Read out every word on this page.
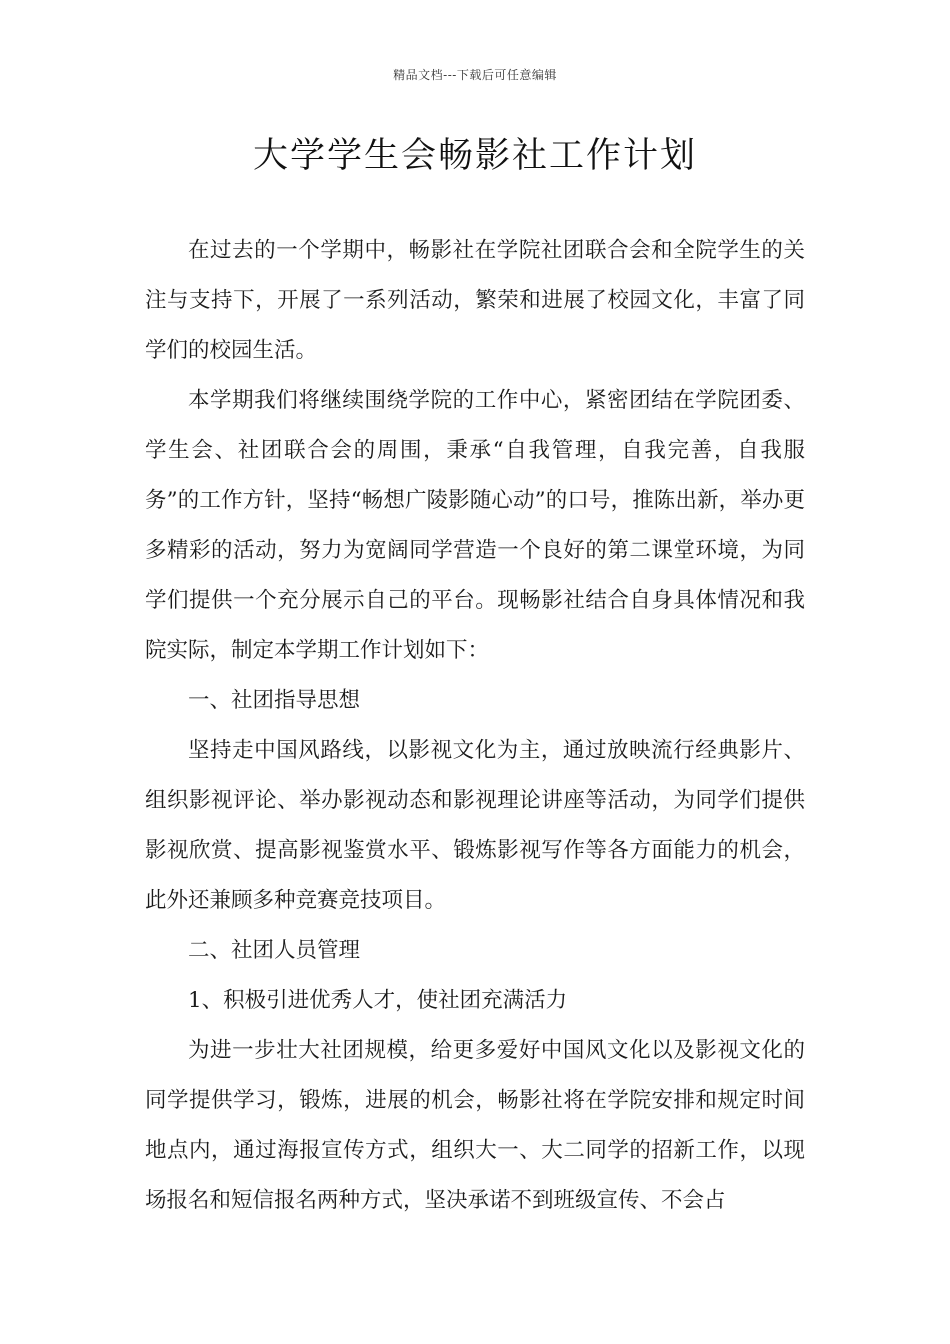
精品文档---下载后可任意编辑
大学学生会畅影社工作计划

在过去的一个学期中，畅影社在学院社团联合会和全院学生的关注与支持下，开展了一系列活动，繁荣和进展了校园文化，丰富了同学们的校园生活。

本学期我们将继续围绕学院的工作中心，紧密团结在学院团委、学生会、社团联合会的周围，秉承“自我管理，自我完善，自我服务”的工作方针，坚持“畅想广陵影随心动”的口号，推陈出新，举办更多精彩的活动，努力为宽阔同学营造一个良好的第二课堂环境，为同学们提供一个充分展示自己的平台。现畅影社结合自身具体情况和我院实际，制定本学期工作计划如下：

一、社团指导思想

坚持走中国风路线，以影视文化为主，通过放映流行经典影片、组织影视评论、举办影视动态和影视理论讲座等活动，为同学们提供影视欣赏、提高影视鉴赏水平、锻炼影视写作等各方面能力的机会，此外还兼顾多种竞赛竞技项目。

二、社团人员管理

1、积极引进优秀人才，使社团充满活力

为进一步壮大社团规模，给更多爱好中国风文化以及影视文化的同学提供学习，锻炼，进展的机会，畅影社将在学院安排和规定时间地点内，通过海报宣传方式，组织大一、大二同学的招新工作，以现场报名和短信报名两种方式，坚决承诺不到班级宣传、不会占
